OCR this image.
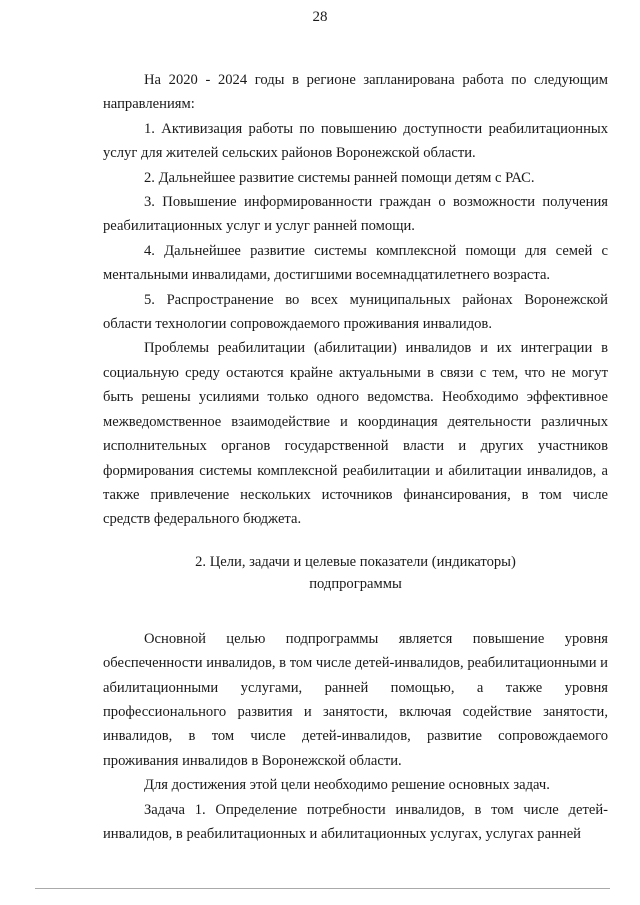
28

На 2020 - 2024 годы в регионе запланирована работа по следующим направлениям:

1. Активизация работы по повышению доступности реабилитационных услуг для жителей сельских районов Воронежской области.

2. Дальнейшее развитие системы ранней помощи детям с РАС.

3. Повышение информированности граждан о возможности получения реабилитационных услуг и услуг ранней помощи.

4. Дальнейшее развитие системы комплексной помощи для семей с ментальными инвалидами, достигшими восемнадцатилетнего возраста.

5. Распространение во всех муниципальных районах Воронежской области технологии сопровождаемого проживания инвалидов.

Проблемы реабилитации (абилитации) инвалидов и их интеграции в социальную среду остаются крайне актуальными в связи с тем, что не могут быть решены усилиями только одного ведомства. Необходимо эффективное межведомственное взаимодействие и координация деятельности различных исполнительных органов государственной власти и других участников формирования системы комплексной реабилитации и абилитации инвалидов, а также привлечение нескольких источников финансирования, в том числе средств федерального бюджета.

2. Цели, задачи и целевые показатели (индикаторы)
подпрограммы

Основной целью подпрограммы является повышение уровня обеспеченности инвалидов, в том числе детей-инвалидов, реабилитационными и абилитационными услугами, ранней помощью, а также уровня профессионального развития и занятости, включая содействие занятости, инвалидов, в том числе детей-инвалидов, развитие сопровождаемого проживания инвалидов в Воронежской области.

Для достижения этой цели необходимо решение основных задач.

Задача 1. Определение потребности инвалидов, в том числе детей-инвалидов, в реабилитационных и абилитационных услугах, услугах ранней
